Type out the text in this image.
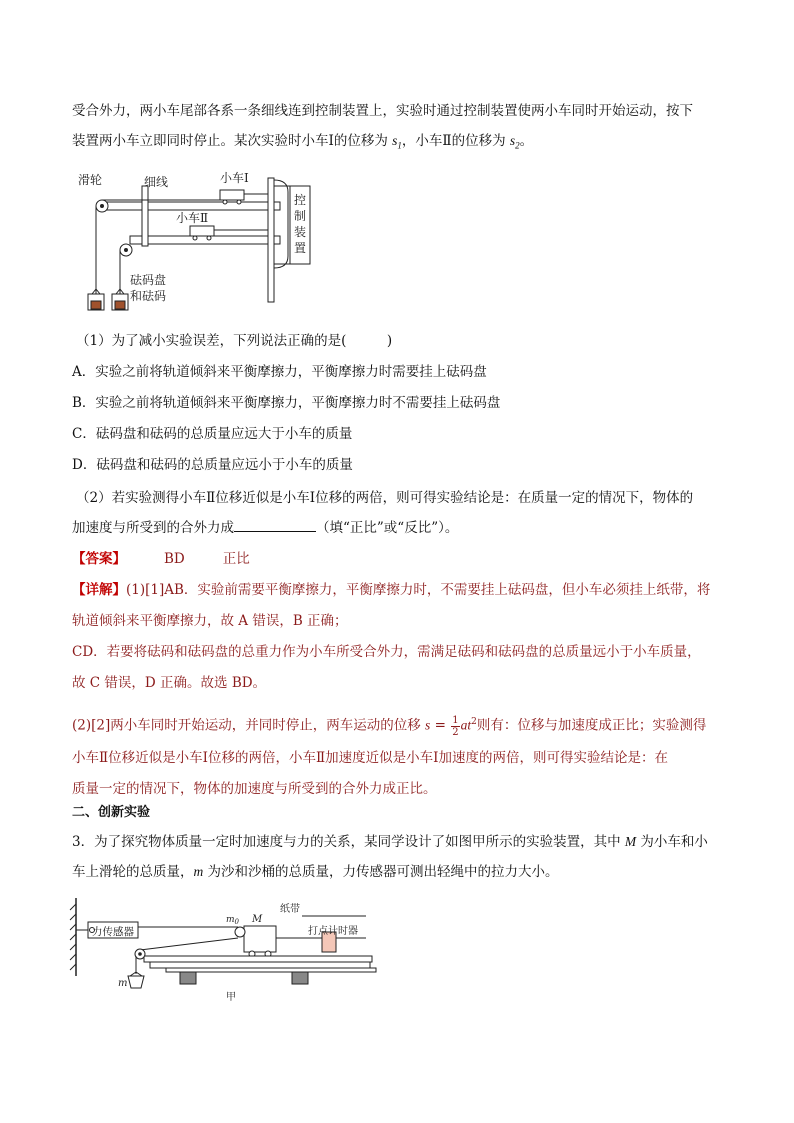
受合外力，两小车尾部各系一条细线连到控制装置上，实验时通过控制装置使两小车同时开始运动，按下
装置两小车立即同时停止。某次实验时小车Ⅰ的位移为 $s_1$，小车Ⅱ的位移为 $s_2$。
滑轮	细线	小车Ⅰ
小车Ⅱ
控
制
装
置
砝码盘
和砝码
（1）为了减小实验误差，下列说法正确的是(　　　)
A．实验之前将轨道倾斜来平衡摩擦力，平衡摩擦力时需要挂上砝码盘
B．实验之前将轨道倾斜来平衡摩擦力，平衡摩擦力时不需要挂上砝码盘
C．砝码盘和砝码的总质量应远大于小车的质量
D．砝码盘和砝码的总质量应远小于小车的质量
（2）若实验测得小车Ⅱ位移近似是小车Ⅰ位移的两倍，则可得实验结论是：在质量一定的情况下，物体的
加速度与所受到的合外力成	（填“正比”或“反比”）。
【答案】	BD	正比
【详解】(1)[1]AB．实验前需要平衡摩擦力，平衡摩擦力时，不需要挂上砝码盘，但小车必须挂上纸带，将
轨道倾斜来平衡摩擦力，故 A 错误，B 正确；
CD．若要将砝码和砝码盘的总重力作为小车所受合外力，需满足砝码和砝码盘的总质量远小于小车质量，
故 C 错误，D 正确。故选 BD。
(2)[2]两小车同时开始运动，并同时停止，两车运动的位移 $s = \frac{1}{2} at^2$则有：位移与加速度成正比；实验测得
小车Ⅱ位移近似是小车Ⅰ位移的两倍，小车Ⅱ加速度近似是小车Ⅰ加速度的两倍，则可得实验结论是：在
质量一定的情况下，物体的加速度与所受到的合外力成正比。
二、创新实验
3．为了探究物体质量一定时加速度与力的关系，某同学设计了如图甲所示的实验装置，其中 M 为小车和小
车上滑轮的总质量，m 为沙和沙桶的总质量，力传感器可测出轻绳中的拉力大小。
力传感器
$m_0$ M
纸带
打点计时器
m
甲
